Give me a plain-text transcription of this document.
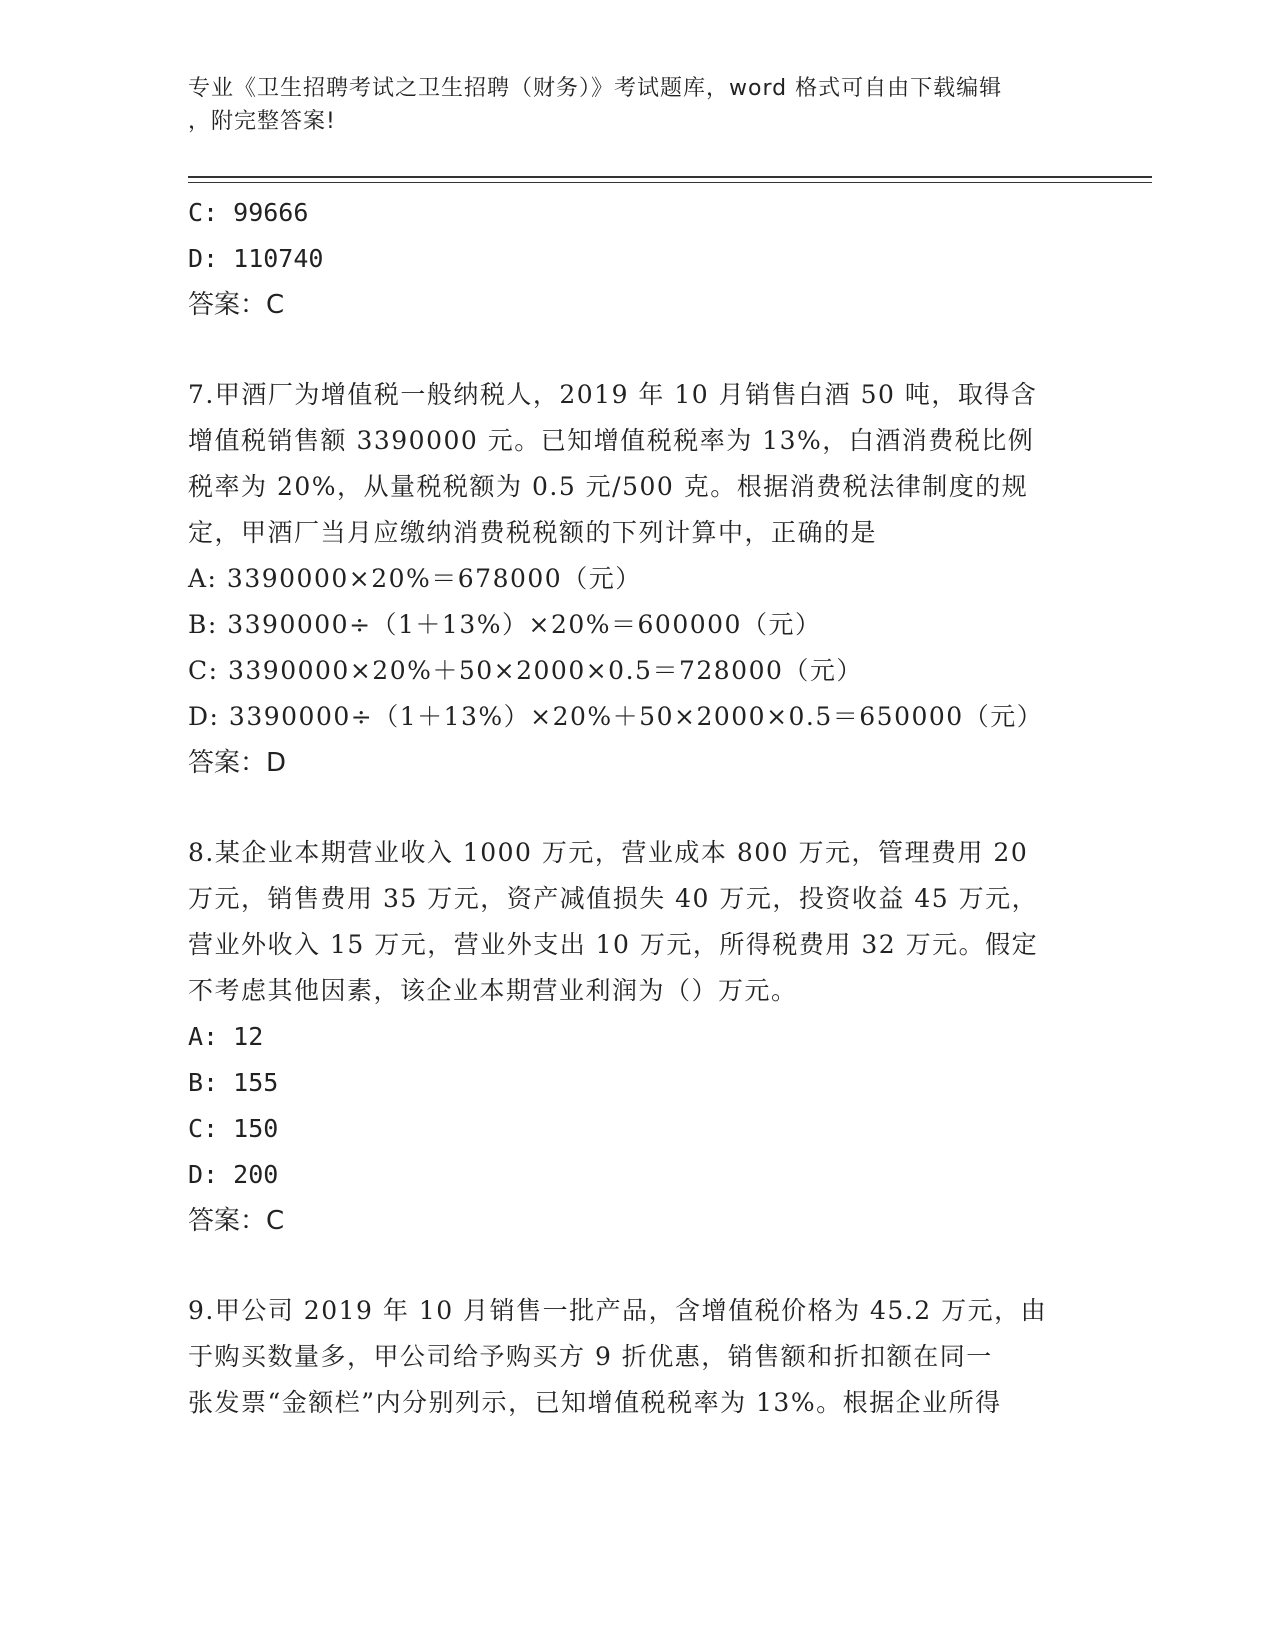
专业《卫生招聘考试之卫生招聘（财务）》考试题库，word 格式可自由下载编辑
，附完整答案!
C: 99666
D: 110740
答案：C
7.甲酒厂为增值税一般纳税人，2019 年 10 月销售白酒 50 吨，取得含
增值税销售额 3390000 元。已知增值税税率为 13%，白酒消费税比例
税率为 20%，从量税税额为 0.5 元/500 克。根据消费税法律制度的规
定，甲酒厂当月应缴纳消费税税额的下列计算中，正确的是
A: 3390000×20%＝678000（元）
B: 3390000÷（1＋13%）×20%＝600000（元）
C: 3390000×20%＋50×2000×0.5＝728000（元）
D: 3390000÷（1＋13%）×20%＋50×2000×0.5＝650000（元）
答案：D
8.某企业本期营业收入 1000 万元，营业成本 800 万元，管理费用 20
万元，销售费用 35 万元，资产减值损失 40 万元，投资收益 45 万元，
营业外收入 15 万元，营业外支出 10 万元，所得税费用 32 万元。假定
不考虑其他因素，该企业本期营业利润为（）万元。
A: 12
B: 155
C: 150
D: 200
答案：C
9.甲公司 2019 年 10 月销售一批产品，含增值税价格为 45.2 万元，由
于购买数量多，甲公司给予购买方 9 折优惠，销售额和折扣额在同一
张发票“金额栏”内分别列示，已知增值税税率为 13%。根据企业所得
